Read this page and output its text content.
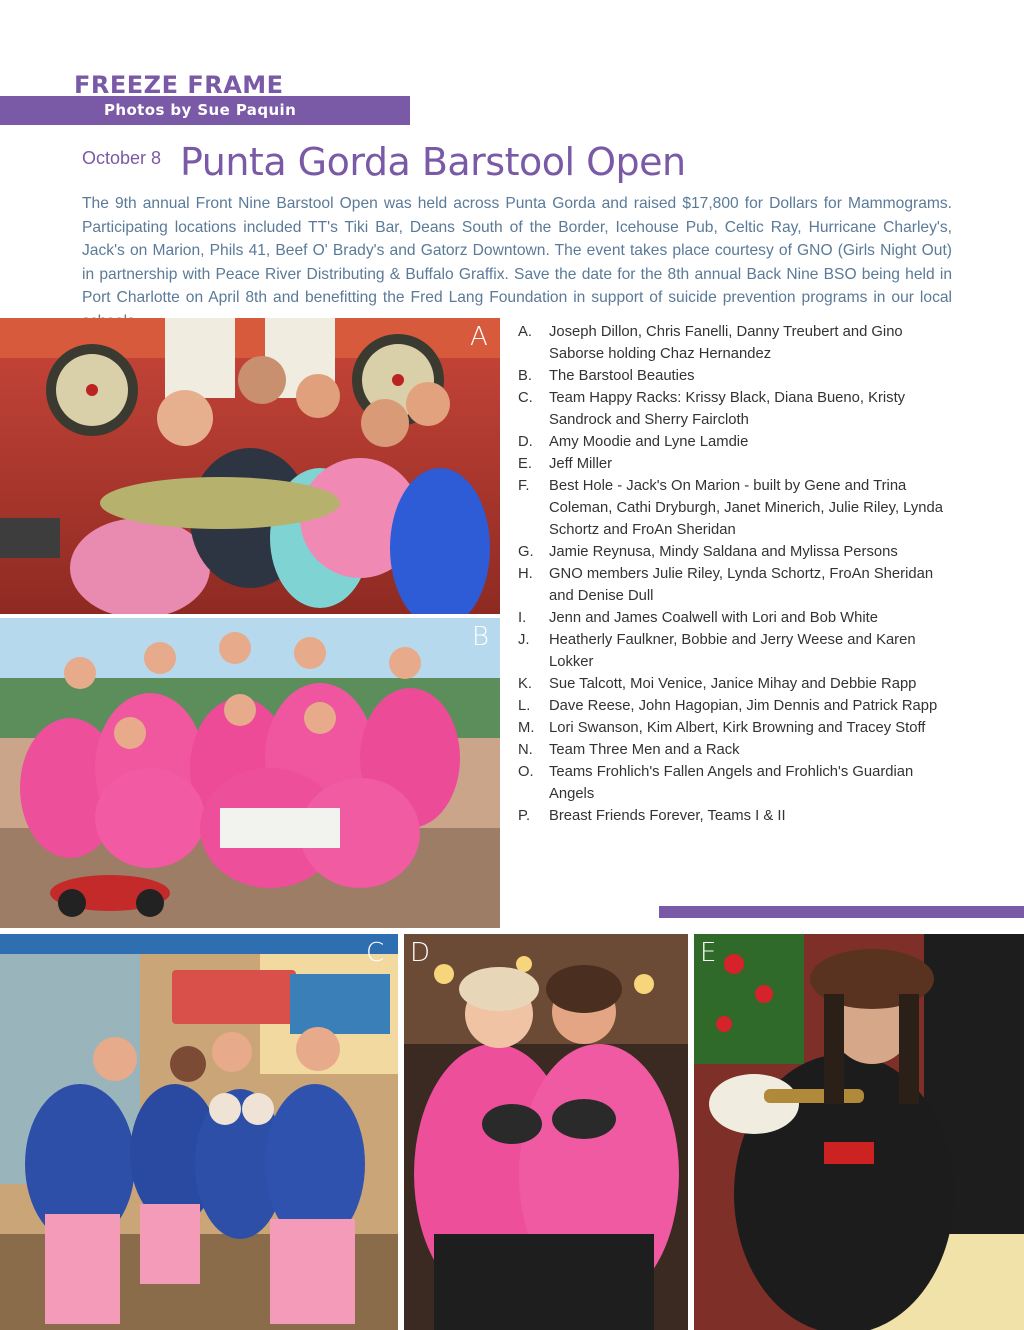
FREEZE FRAME
Photos by Sue Paquin
October 8 Punta Gorda Barstool Open

The 9th annual Front Nine Barstool Open was held across Punta Gorda and raised $17,800 for Dollars for Mammograms. Participating locations included TT's Tiki Bar, Deans South of the Border, Icehouse Pub, Celtic Ray, Hurricane Charley's, Jack's on Marion, Phils 41, Beef O' Brady's and Gatorz Downtown. The event takes place courtesy of GNO (Girls Night Out) in partnership with Peace River Distributing & Buffalo Graffix. Save the date for the 8th annual Back Nine BSO being held in Port Charlotte on April 8th and benefitting the Fred Lang Foundation in support of suicide prevention programs in our local

A
B
A.	Joseph Dillon, Chris Fanelli, Danny Treubert and Gino Saborse holding Chaz Hernandez
B.	The Barstool Beauties
C.	Team Happy Racks: Krissy Black, Diana Bueno, Kristy Sandrock and Sherry Faircloth
D.	Amy Moodie and Lyne Lamdie
E.	Jeff Miller
F.	Best Hole - Jack's On Marion - built by Gene and Trina Coleman, Cathi Dryburgh, Janet Minerich, Julie Riley, Lynda Schortz and FroAn Sheridan
G.	Jamie Reynusa, Mindy Saldana and Mylissa Persons
H.	GNO members Julie Riley, Lynda Schortz, FroAn Sheridan and Denise Dull
I.	Jenn and James Coalwell with Lori and Bob White
J.	Heatherly Faulkner, Bobbie and Jerry Weese and Karen Lokker
K.	Sue Talcott, Moi Venice, Janice Mihay and Debbie Rapp
L.	Dave Reese, John Hagopian, Jim Dennis and Patrick Rapp
M. Lori Swanson, Kim Albert, Kirk Browning and Tracey Stoff
N.	Team Three Men and a Rack
O.	Teams Frohlich's Fallen Angels and Frohlich's Guardian Angels
P.	Breast Friends Forever, Teams I & II
C D	E
